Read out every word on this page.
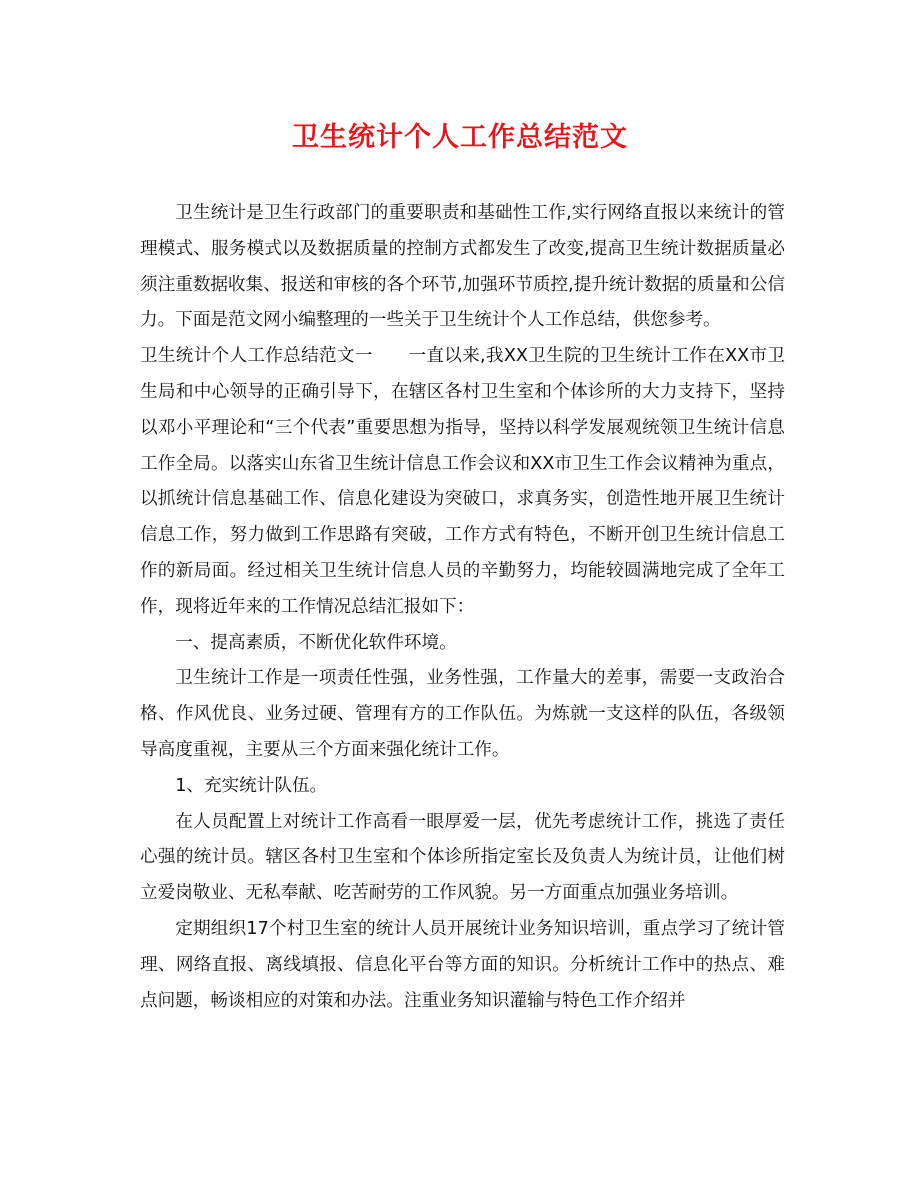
卫生统计个人工作总结范文

卫生统计是卫生行政部门的重要职责和基础性工作,实行网络直报以来统计的管理模式、服务模式以及数据质量的控制方式都发生了改变,提高卫生统计数据质量必须注重数据收集、报送和审核的各个环节,加强环节质控,提升统计数据的质量和公信力。下面是范文网小编整理的一些关于卫生统计个人工作总结，供您参考。

卫生统计个人工作总结范文一　　一直以来,我XX卫生院的卫生统计工作在XX市卫生局和中心领导的正确引导下，在辖区各村卫生室和个体诊所的大力支持下，坚持以邓小平理论和“三个代表”重要思想为指导，坚持以科学发展观统领卫生统计信息工作全局。以落实山东省卫生统计信息工作会议和XX市卫生工作会议精神为重点，以抓统计信息基础工作、信息化建设为突破口，求真务实，创造性地开展卫生统计信息工作，努力做到工作思路有突破，工作方式有特色，不断开创卫生统计信息工作的新局面。经过相关卫生统计信息人员的辛勤努力，均能较圆满地完成了全年工作，现将近年来的工作情况总结汇报如下：

一、提高素质，不断优化软件环境。

卫生统计工作是一项责任性强，业务性强，工作量大的差事，需要一支政治合格、作风优良、业务过硬、管理有方的工作队伍。为炼就一支这样的队伍，各级领导高度重视，主要从三个方面来强化统计工作。

1、充实统计队伍。

在人员配置上对统计工作高看一眼厚爱一层，优先考虑统计工作，挑选了责任心强的统计员。辖区各村卫生室和个体诊所指定室长及负责人为统计员，让他们树立爱岗敬业、无私奉献、吃苦耐劳的工作风貌。另一方面重点加强业务培训。

定期组织17个村卫生室的统计人员开展统计业务知识培训，重点学习了统计管理、网络直报、离线填报、信息化平台等方面的知识。分析统计工作中的热点、难点问题，畅谈相应的对策和办法。注重业务知识灌输与特色工作介绍并
